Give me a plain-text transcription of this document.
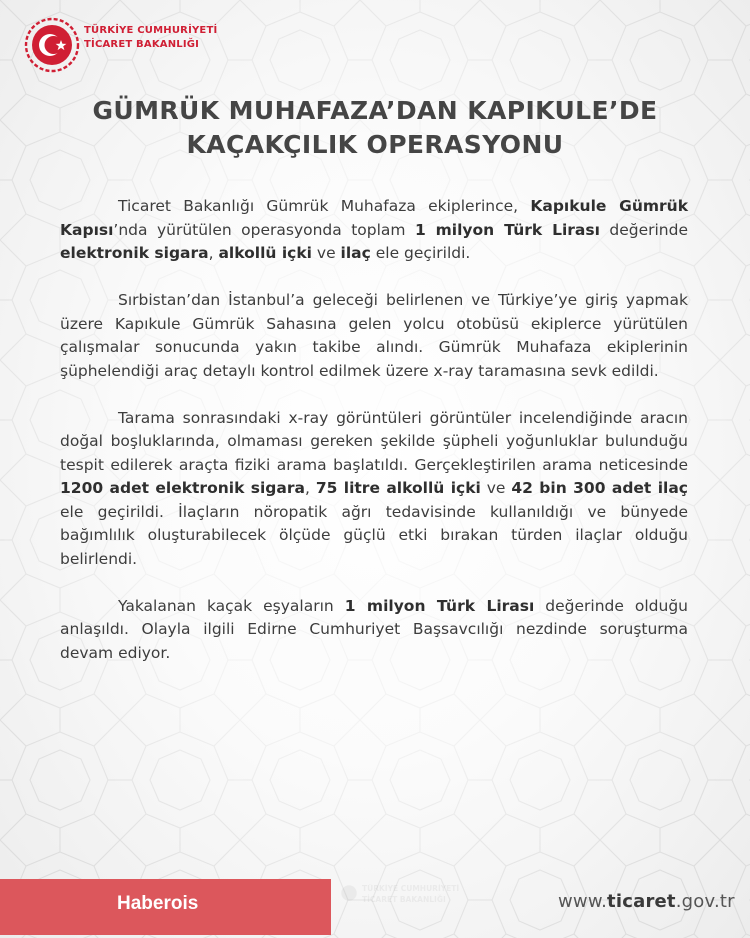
TÜRKİYE CUMHURİYETİ
TİCARET BAKANLIĞI
GÜMRÜK MUHAFAZA’DAN KAPIKULE’DE
KAÇAKÇILIK OPERASYONU

Ticaret Bakanlığı Gümrük Muhafaza ekiplerince, Kapıkule Gümrük Kapısı’nda yürütülen operasyonda toplam 1 milyon Türk Lirası değerinde elektronik sigara, alkollü içki ve ilaç ele geçirildi.

Sırbistan’dan İstanbul’a geleceği belirlenen ve Türkiye’ye giriş yapmak üzere Kapıkule Gümrük Sahasına gelen yolcu otobüsü ekiplerce yürütülen çalışmalar sonucunda yakın takibe alındı. Gümrük Muhafaza ekiplerinin şüphelendiği araç detaylı kontrol edilmek üzere x-ray taramasına sevk edildi.

Tarama sonrasındaki x-ray görüntüleri görüntüler incelendiğinde aracın doğal boşluklarında, olmaması gereken şekilde şüpheli yoğunluklar bulunduğu tespit edilerek araçta fiziki arama başlatıldı. Gerçekleştirilen arama neticesinde 1200 adet elektronik sigara, 75 litre alkollü içki ve 42 bin 300 adet ilaç ele geçirildi. İlaçların nöropatik ağrı tedavisinde kullanıldığı ve bünyede bağımlılık oluşturabilecek ölçüde güçlü etki bırakan türden ilaçlar olduğu belirlendi.

Yakalanan kaçak eşyaların 1 milyon Türk Lirası değerinde olduğu anlaşıldı. Olayla ilgili Edirne Cumhuriyet Başsavcılığı nezdinde soruşturma devam ediyor.

TÜRKİYE CUMHURİYETİ
TİCARET BAKANLIĞI
Haberois	www.ticaret.gov.tr
